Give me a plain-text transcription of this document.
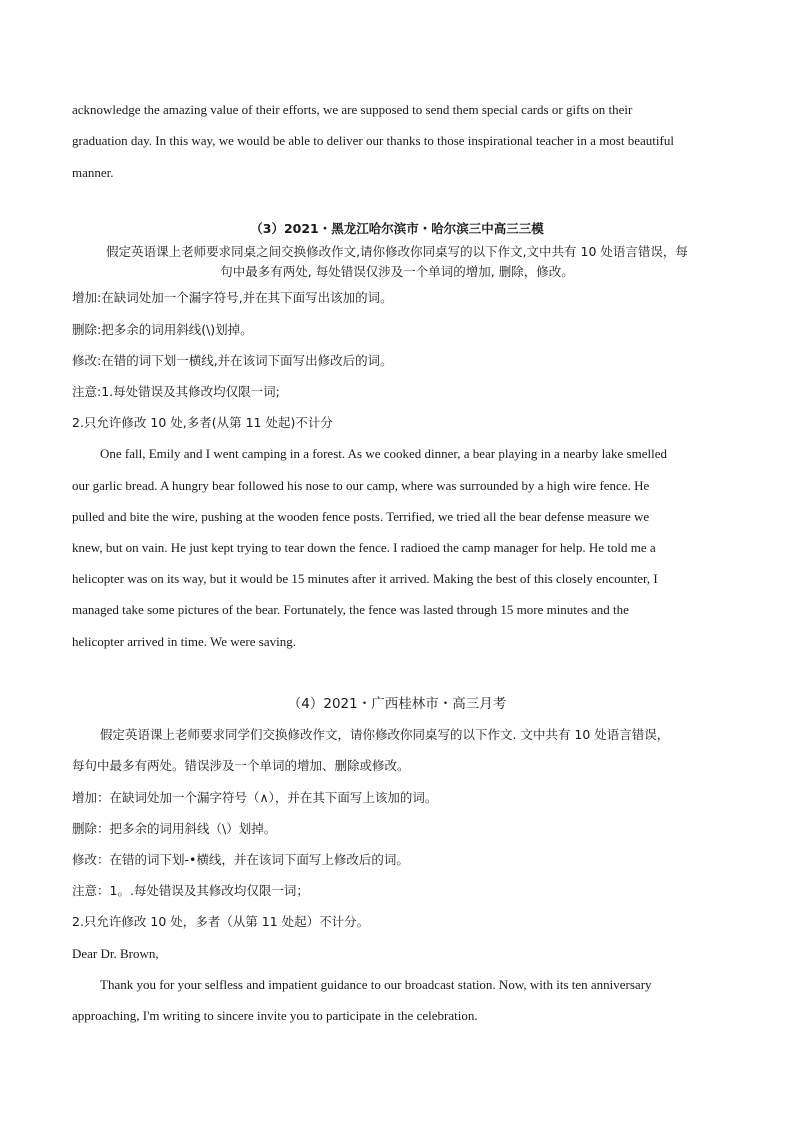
acknowledge the amazing value of their efforts, we are supposed to send them special cards or gifts on their

graduation day. In this way, we would be able to deliver our thanks to those inspirational teacher in a most beautiful

manner.

（3）2021・黑龙江哈尔滨市・哈尔滨三中高三三模

假定英语课上老师要求同桌之间交换修改作文,请你修改你同桌写的以下作文,文中共有 10 处语言错误，每

句中最多有两处, 每处错误仅涉及一个单词的增加, 删除，修改。

增加:在缺词处加一个漏字符号,并在其下面写出该加的词。

删除:把多余的词用斜线(\)划掉。

修改:在错的词下划一横线,并在该词下面写出修改后的词。

注意:1.每处错误及其修改均仅限一词;

2.只允许修改 10 处,多者(从第 11 处起)不计分

One fall, Emily and I went camping in a forest. As we cooked dinner, a bear playing in a nearby lake smelled

our garlic bread. A hungry bear followed his nose to our camp, where was surrounded by a high wire fence. He

pulled and bite the wire, pushing at the wooden fence posts. Terrified, we tried all the bear defense measure we

knew, but on vain. He just kept trying to tear down the fence. I radioed the camp manager for help. He told me a

helicopter was on its way, but it would be 15 minutes after it arrived. Making the best of this closely encounter, I

managed take some pictures of the bear. Fortunately, the fence was lasted through 15 more minutes and the

helicopter arrived in time. We were saving.

（4）2021・广西桂林市・高三月考

假定英语课上老师要求同学们交换修改作文，请你修改你同桌写的以下作文. 文中共有 10 处语言错误，

每句中最多有两处。错误涉及一个单词的增加、删除或修改。

增加：在缺词处加一个漏字符号（∧），并在其下面写上该加的词。

删除：把多余的词用斜线（\）划掉。

修改：在错的词下划-•横线，并在该词下面写上修改后的词。

注意：1。.每处错误及其修改均仅限一词；

2.只允许修改 10 处，多者（从第 11 处起）不计分。

Dear Dr. Brown,

Thank you for your selfless and impatient guidance to our broadcast station. Now, with its ten anniversary

approaching, I'm writing to sincere invite you to participate in the celebration.
